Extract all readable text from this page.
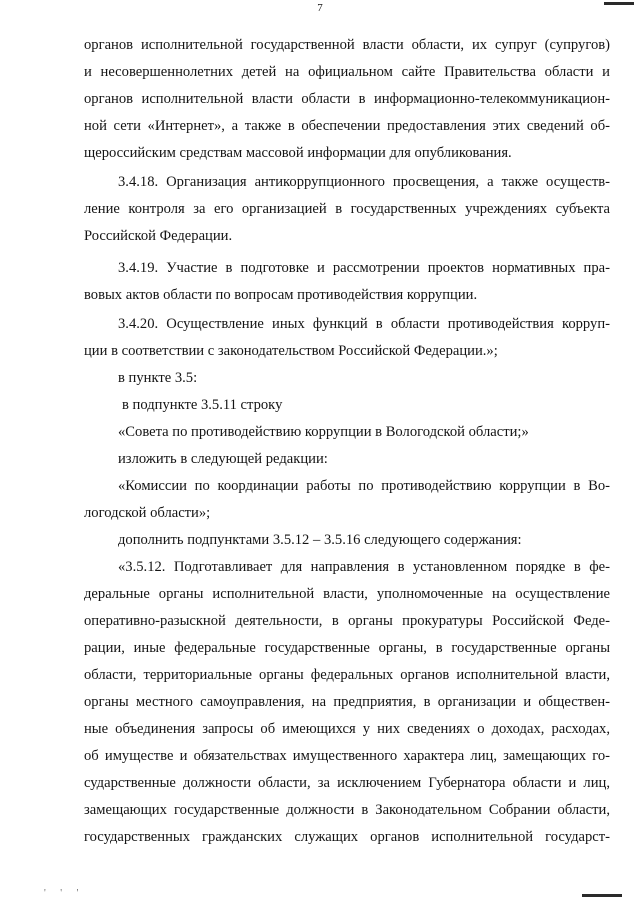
7
органов исполнительной государственной власти области, их супруг (супругов)
и несовершеннолетних детей на официальном сайте Правительства области и
органов исполнительной власти области в информационно-телекоммуникацион-
ной сети «Интернет», а также в обеспечении предоставления этих сведений об-
щероссийским средствам массовой информации для опубликования.
3.4.18. Организация антикоррупционного просвещения, а также осуществ-
ление контроля за его организацией в государственных учреждениях субъекта
Российской Федерации.
3.4.19. Участие в подготовке и рассмотрении проектов нормативных пра-
вовых актов области по вопросам противодействия коррупции.
3.4.20. Осуществление иных функций в области противодействия корруп-
ции в соответствии с законодательством Российской Федерации.»;
в пункте 3.5:
в подпункте 3.5.11 строку
«Совета по противодействию коррупции в Вологодской области;»
изложить в следующей редакции:
«Комиссии по координации работы по противодействию коррупции в Во-
логодской области»;
дополнить подпунктами 3.5.12 – 3.5.16 следующего содержания:
«3.5.12. Подготавливает для направления в установленном порядке в фе-
деральные органы исполнительной власти, уполномоченные на осуществление
оперативно-разыскной деятельности, в органы прокуратуры Российской Феде-
рации, иные федеральные государственные органы, в государственные органы
области, территориальные органы федеральных органов исполнительной власти,
органы местного самоуправления, на предприятия, в организации и обществен-
ные объединения запросы об имеющихся у них сведениях о доходах, расходах,
об имуществе и обязательствах имущественного характера лиц, замещающих го-
сударственные должности области, за исключением Губернатора области и лиц,
замещающих государственные должности в Законодательном Собрании области,
государственных гражданских служащих органов исполнительной государст-
' ' '
